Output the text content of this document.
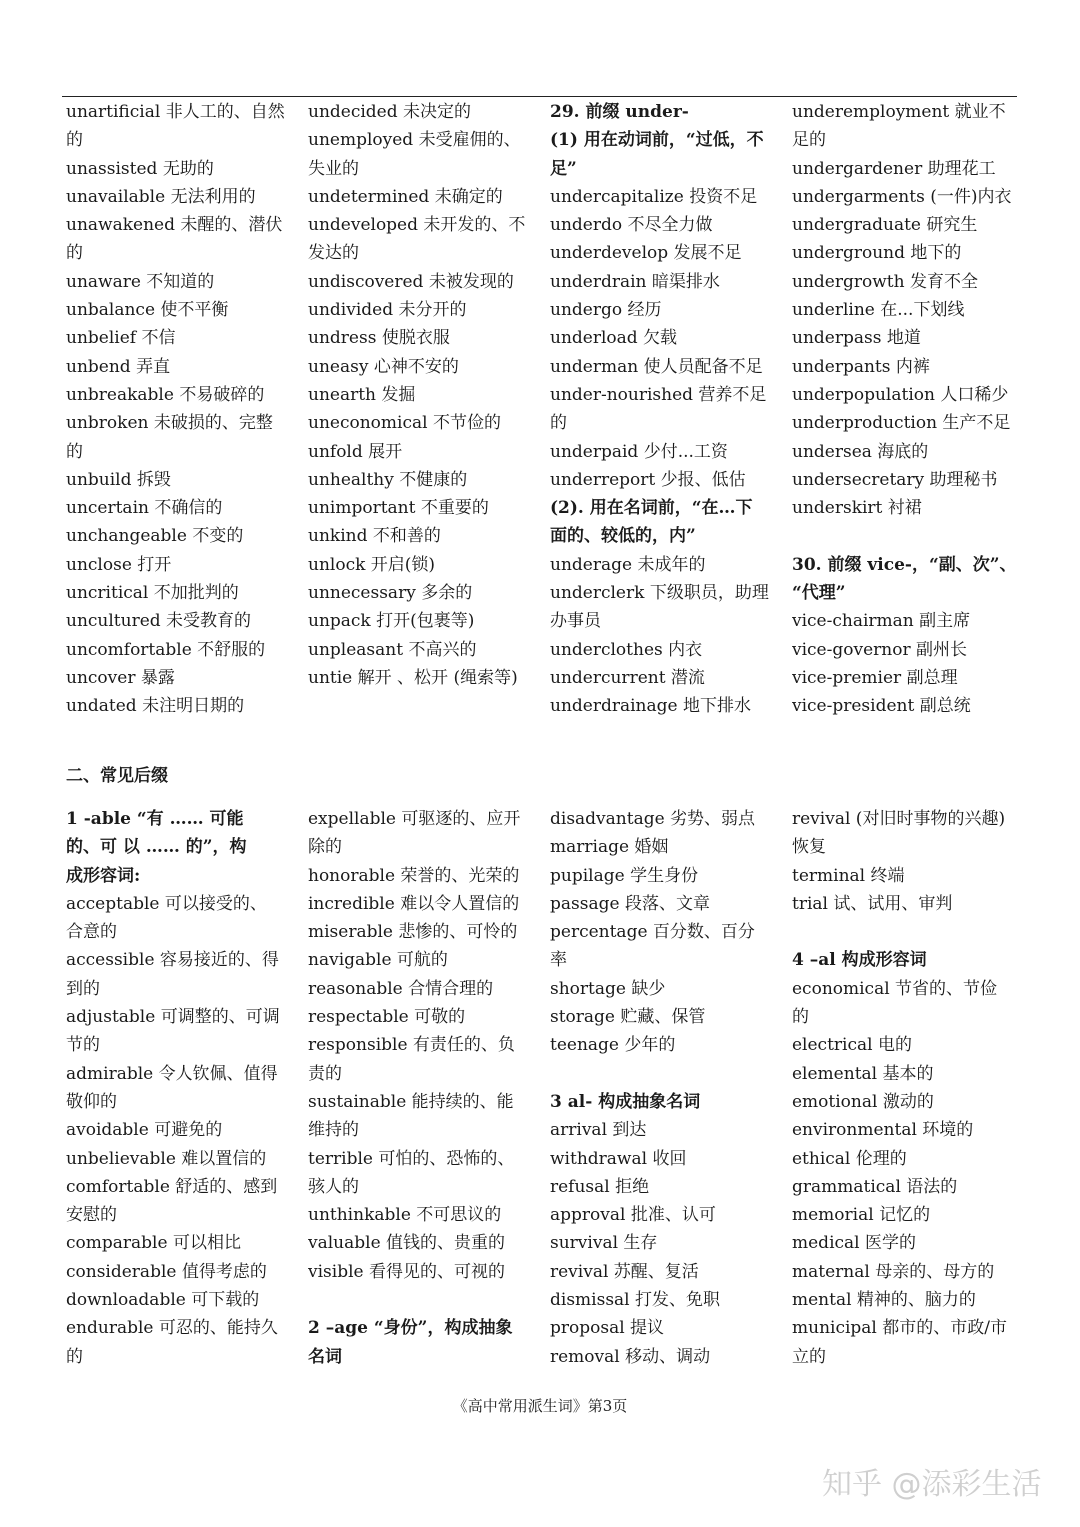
unartificial 非人工的、自然
的
unassisted 无助的
unavailable 无法利用的
unawakened 未醒的、潜伏
的
unaware 不知道的
unbalance 使不平衡
unbelief 不信
unbend 弄直
unbreakable 不易破碎的
unbroken 未破损的、完整
的
unbuild 拆毁
uncertain 不确信的
unchangeable 不变的
unclose 打开
uncritical 不加批判的
uncultured 未受教育的
uncomfortable 不舒服的
uncover 暴露
undated 未注明日期的
undecided 未决定的
unemployed 未受雇佣的、
失业的
undetermined 未确定的
undeveloped 未开发的、不
发达的
undiscovered 未被发现的
undivided 未分开的
undress 使脱衣服
uneasy 心神不安的
unearth 发掘
uneconomical 不节俭的
unfold 展开
unhealthy 不健康的
unimportant 不重要的
unkind 不和善的
unlock 开启(锁)
unnecessary 多余的
unpack 打开(包裹等)
unpleasant 不高兴的
untie 解开 、松开 (绳索等)
29. 前缀 under-
(1) 用在动词前，“过低，不
足”
undercapitalize 投资不足
underdo 不尽全力做
underdevelop 发展不足
underdrain 暗渠排水
undergo 经历
underload 欠载
underman 使人员配备不足
under-nourished 营养不足
的
underpaid 少付...工资
underreport 少报、低估
(2). 用在名词前，“在…下
面的、较低的，内”
underage 未成年的
underclerk 下级职员，助理
办事员
underclothes 内衣
undercurrent 潜流
underdrainage 地下排水
underemployment 就业不
足的
undergardener 助理花工
undergarments (一件)内衣
undergraduate 研究生
underground 地下的
undergrowth 发育不全
underline 在...下划线
underpass 地道
underpants 内裤
underpopulation 人口稀少
underproduction 生产不足
undersea 海底的
undersecretary 助理秘书
underskirt 衬裙
30. 前缀 vice-，“副、次”、
“代理”
vice-chairman 副主席
vice-governor 副州长
vice-premier 副总理
vice-president 副总统
二、常见后缀
1 -able “有 …… 可能
的、可 以 …… 的”，构
成形容词:
acceptable 可以接受的、
合意的
accessible 容易接近的、得
到的
adjustable 可调整的、可调
节的
admirable 令人钦佩、值得
敬仰的
avoidable 可避免的
unbelievable 难以置信的
comfortable 舒适的、感到
安慰的
comparable 可以相比
considerable 值得考虑的
downloadable 可下载的
endurable 可忍的、能持久
的
expellable 可驱逐的、应开
除的
honorable 荣誉的、光荣的
incredible 难以令人置信的
miserable 悲惨的、可怜的
navigable 可航的
reasonable 合情合理的
respectable 可敬的
responsible 有责任的、负
责的
sustainable 能持续的、能
维持的
terrible 可怕的、恐怖的、
骇人的
unthinkable 不可思议的
valuable 值钱的、贵重的
visible 看得见的、可视的
2 –age “身份”，构成抽象
名词
disadvantage 劣势、弱点
marriage 婚姻
pupilage 学生身份
passage 段落、文章
percentage 百分数、百分
率
shortage 缺少
storage 贮藏、保管
teenage 少年的
3 al- 构成抽象名词
arrival 到达
withdrawal 收回
refusal 拒绝
approval 批准、认可
survival 生存
revival 苏醒、复活
dismissal 打发、免职
proposal 提议
removal 移动、调动
revival (对旧时事物的兴趣)
恢复
terminal 终端
trial 试、试用、审判
4 –al 构成形容词
economical 节省的、节俭
的
electrical 电的
elemental 基本的
emotional 激动的
environmental 环境的
ethical 伦理的
grammatical 语法的
memorial 记忆的
medical 医学的
maternal 母亲的、母方的
mental 精神的、脑力的
municipal 都市的、市政/市
立的
《高中常用派生词》第3页
知乎 @添彩生活
